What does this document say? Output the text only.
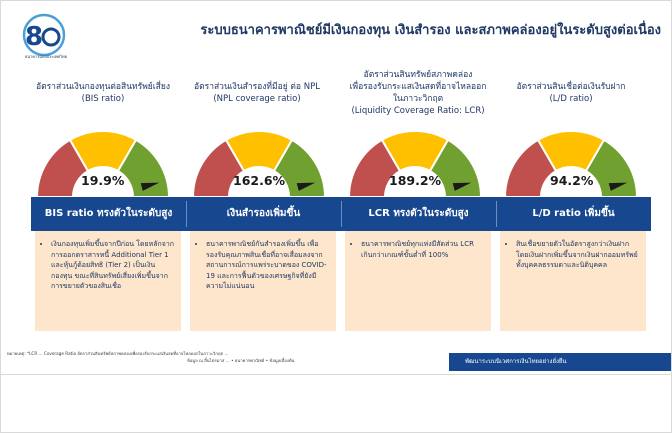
8
ธนาคารแห่งประเทศไทย
ระบบธนาคารพาณิชย์มีเงินกองทุน เงินสำรอง และสภาพคล่องอยู่ในระดับสูงต่อเนื่อง
อัตราส่วนเงินกองทุนต่อสินทรัพย์เสี่ยง
(BIS ratio)
อัตราส่วนเงินสำรองที่มีอยู่ ต่อ NPL
(NPL coverage ratio)
อัตราส่วนสินทรัพย์สภาพคล่อง
เพื่อรองรับกระแสเงินสดที่อาจไหลออก
ในภาวะวิกฤต
(Liquidity Coverage Ratio: LCR)
อัตราส่วนสินเชื่อต่อเงินรับฝาก
(L/D ratio)
19.9%	162.6%	189.2%	94.2%
BIS ratio ทรงตัวในระดับสูง	เงินสำรองเพิ่มขึ้น	LCR ทรงตัวในระดับสูง	L/D ratio เพิ่มขึ้น
• เงินกองทุนเพิ่มขึ้นจากปีก่อน โดยหลักจากการออกตราสารหนี้ Additional Tier 1 และหุ้นกู้ด้อยสิทธิ (Tier 2) เป็นเงินกองทุน ขณะที่สินทรัพย์เสี่ยงเพิ่มขึ้นจากการขยายตัวของสินเชื่อ
• ธนาคารพาณิชย์กันสำรองเพิ่มขึ้น เพื่อรองรับคุณภาพสินเชื่อที่อาจเสื่อมลงจากสถานการณ์การแพร่ระบาดของ COVID-19 และการฟื้นตัวของเศรษฐกิจที่ยังมีความไม่แน่นอน
• ธนาคารพาณิชย์ทุกแห่งมีสัดส่วน LCR เกินกว่าเกณฑ์ขั้นต่ำที่ 100%
• สินเชื่อขยายตัวในอัตราสูงกว่าเงินฝาก โดยเงินฝากเพิ่มขึ้นจากเงินฝากออมทรัพย์ทั้งบุคคลธรรมดาและนิติบุคคล
หมายเหตุ: *LCR ... Coverage Ratio อัตราส่วนสินทรัพย์สภาพคล่องเพื่อรองรับกระแสเงินสดที่อาจไหลออกในภาวะวิกฤต ...
ข้อมูล ณ สิ้นไตรมาส ... • ธนาคารพาณิชย์ • ข้อมูลเบื้องต้น	พัฒนาระบบนิเวศการเงินไทยอย่างยั่งยืน
